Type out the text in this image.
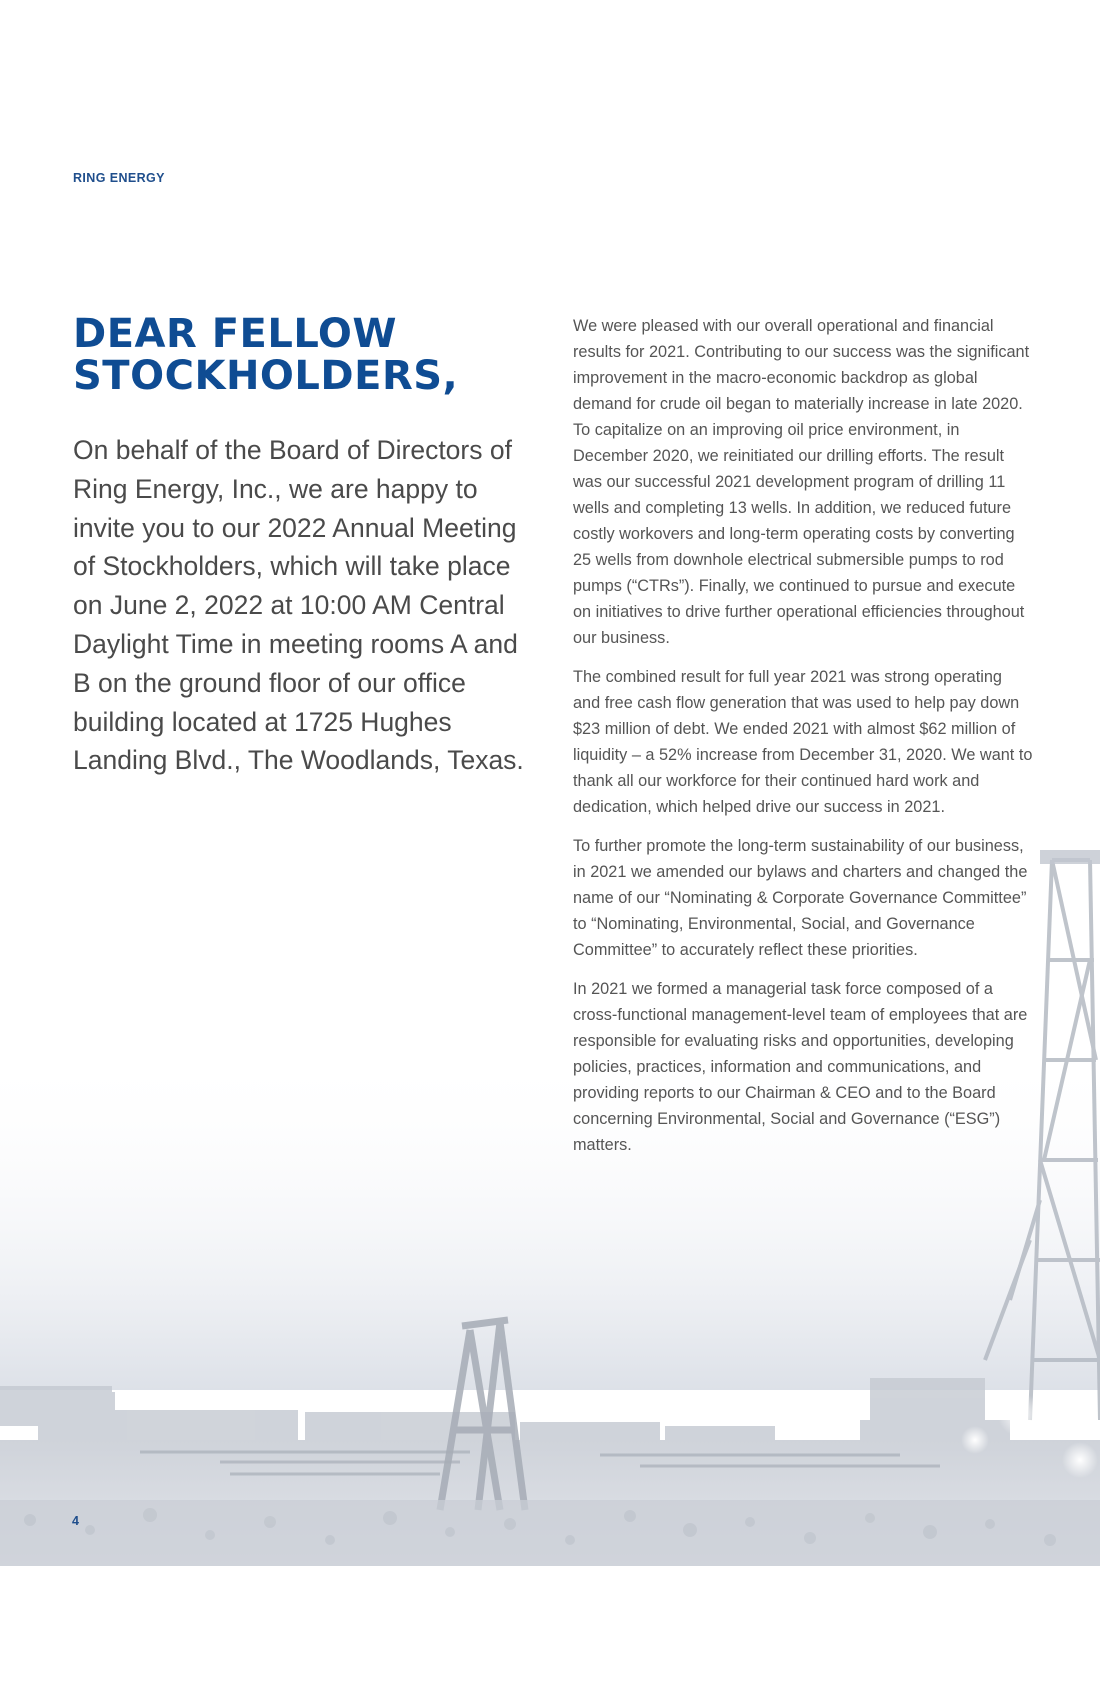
RING ENERGY
DEAR FELLOW
STOCKHOLDERS,

On behalf of the Board of Directors of Ring Energy, Inc., we are happy to invite you to our 2022 Annual Meeting of Stockholders, which will take place on June 2, 2022 at 10:00 AM Central Daylight Time in meeting rooms A and B on the ground floor of our office building located at 1725 Hughes Landing Blvd., The Woodlands, Texas.

We were pleased with our overall operational and financial results for 2021. Contributing to our success was the significant improvement in the macro-economic backdrop as global demand for crude oil began to materially increase in late 2020. To capitalize on an improving oil price environment, in December 2020, we reinitiated our drilling efforts. The result was our successful 2021 development program of drilling 11 wells and completing 13 wells. In addition, we reduced future costly workovers and long-term operating costs by converting 25 wells from downhole electrical submersible pumps to rod pumps (“CTRs”). Finally, we continued to pursue and execute on initiatives to drive further operational efficiencies throughout our business.

The combined result for full year 2021 was strong operating and free cash flow generation that was used to help pay down $23 million of debt. We ended 2021 with almost $62 million of liquidity – a 52% increase from December 31, 2020. We want to thank all our workforce for their continued hard work and dedication, which helped drive our success in 2021.

To further promote the long-term sustainability of our business, in 2021 we amended our bylaws and charters and changed the name of our “Nominating & Corporate Governance Committee” to “Nominating, Environmental, Social, and Governance Committee” to accurately reflect these priorities.

In 2021 we formed a managerial task force composed of a cross-functional management-level team of employees that are responsible for evaluating risks and opportunities, developing policies, practices, information and communications, and providing reports to our Chairman & CEO and to the Board concerning Environmental, Social and Governance (“ESG”) matters.

4
